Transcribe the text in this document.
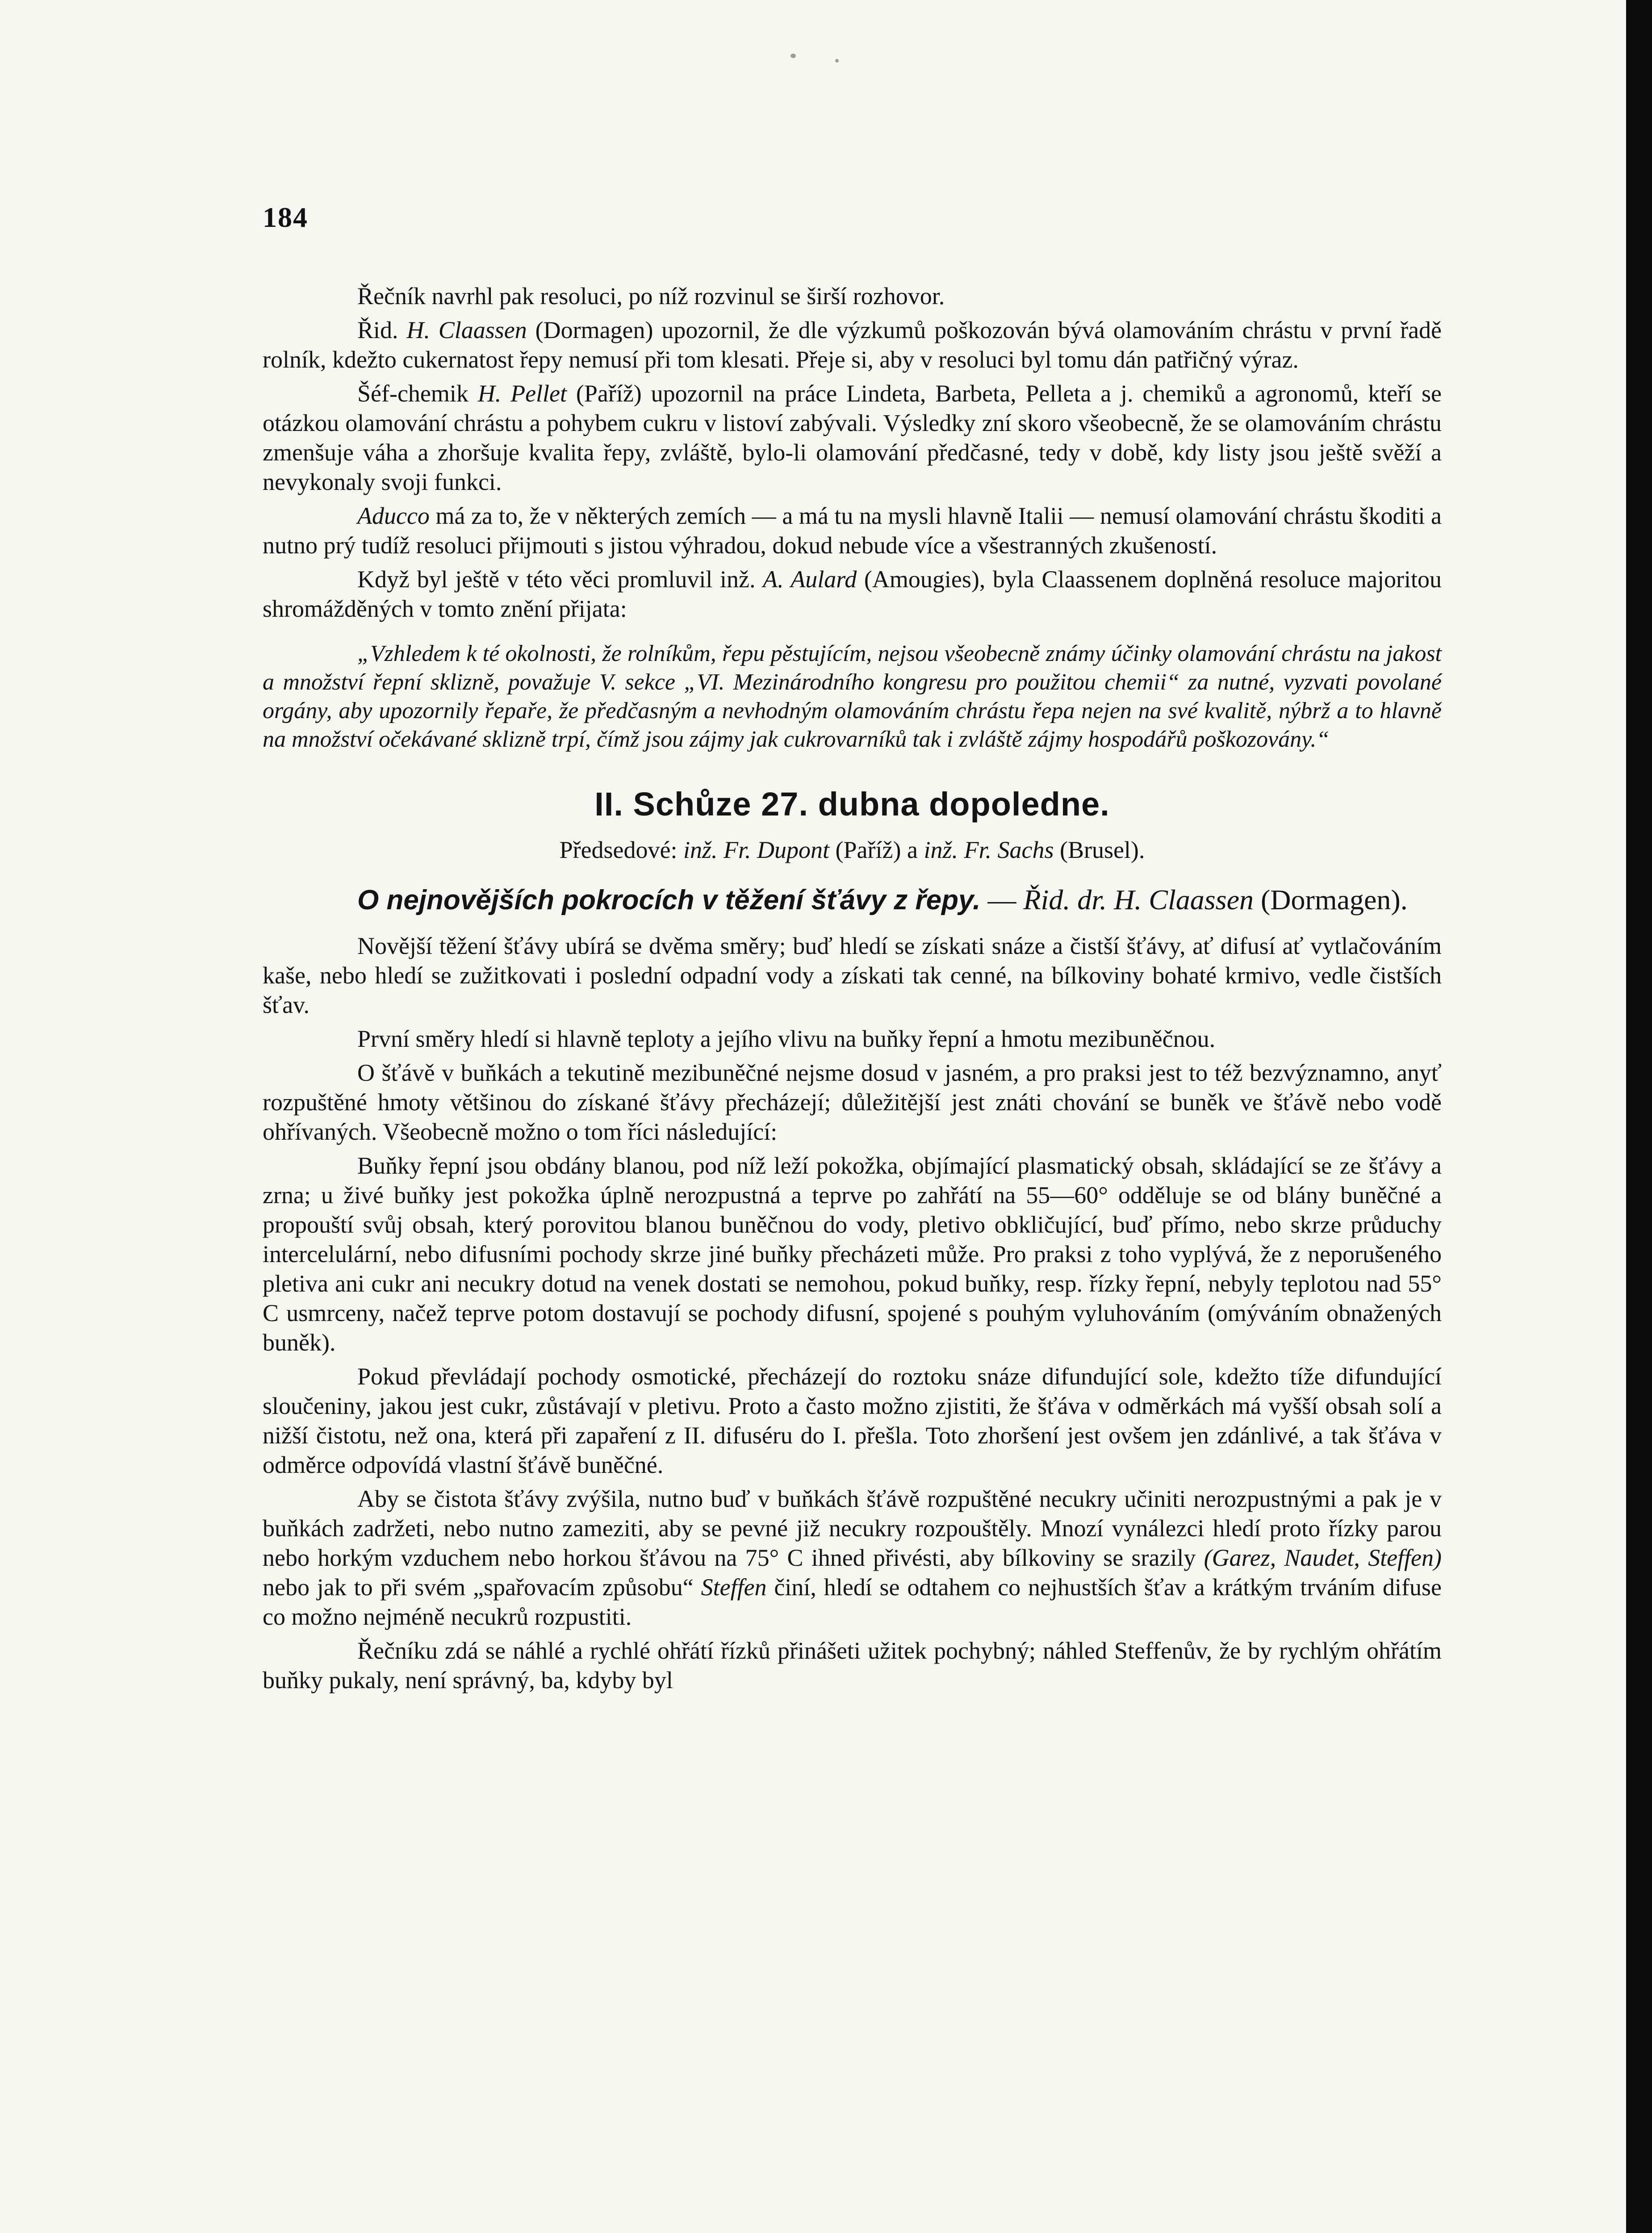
184

Řečník navrhl pak resoluci, po níž rozvinul se širší rozhovor.

Řid. H. Claassen (Dormagen) upozornil, že dle výzkumů poškozován bývá olamováním chrástu v první řadě rolník, kdežto cukernatost řepy nemusí při tom klesati. Přeje si, aby v resoluci byl tomu dán patřičný výraz.

Šéf-chemik H. Pellet (Paříž) upozornil na práce Lindeta, Barbeta, Pelleta a j. chemiků a agronomů, kteří se otázkou olamování chrástu a pohybem cukru v listoví zabývali. Výsledky zní skoro všeobecně, že se olamováním chrástu zmenšuje váha a zhoršuje kvalita řepy, zvláště, bylo-li olamování předčasné, tedy v době, kdy listy jsou ještě svěží a nevykonaly svoji funkci.

Aducco má za to, že v některých zemích — a má tu na mysli hlavně Italii — nemusí olamování chrástu škoditi a nutno prý tudíž resoluci přijmouti s jistou výhradou, dokud nebude více a všestranných zkušeností.

Když byl ještě v této věci promluvil inž. A. Aulard (Amougies), byla Claassenem doplněná resoluce majoritou shromážděných v tomto znění přijata:

„Vzhledem k té okolnosti, že rolníkům, řepu pěstujícím, nejsou všeobecně známy účinky olamování chrástu na jakost a množství řepní sklizně, považuje V. sekce „VI. Mezinárodního kongresu pro použitou chemii“ za nutné, vyzvati povolané orgány, aby upozornily řepaře, že předčasným a nevhodným olamováním chrástu řepa nejen na své kvalitě, nýbrž a to hlavně na množství očekávané sklizně trpí, čímž jsou zájmy jak cukrovarníků tak i zvláště zájmy hospodářů poškozovány.“

II. Schůze 27. dubna dopoledne.

Předsedové: inž. Fr. Dupont (Paříž) a inž. Fr. Sachs (Brusel).

O nejnovějších pokrocích v těžení šťávy z řepy. — Řid. dr. H. Claassen (Dormagen).

Novější těžení šťávy ubírá se dvěma směry; buď hledí se získati snáze a čistší šťávy, ať difusí ať vytlačováním kaše, nebo hledí se zužitkovati i poslední odpadní vody a získati tak cenné, na bílkoviny bohaté krmivo, vedle čistších šťav.

První směry hledí si hlavně teploty a jejího vlivu na buňky řepní a hmotu mezibuněčnou.

O šťávě v buňkách a tekutině mezibuněčné nejsme dosud v jasném, a pro praksi jest to též bezvýznamno, anyť rozpuštěné hmoty většinou do získané šťávy přecházejí; důležitější jest znáti chování se buněk ve šťávě nebo vodě ohřívaných. Všeobecně možno o tom říci následující:

Buňky řepní jsou obdány blanou, pod níž leží pokožka, objímající plasmatický obsah, skládající se ze šťávy a zrna; u živé buňky jest pokožka úplně nerozpustná a teprve po zahřátí na 55—60° odděluje se od blány buněčné a propouští svůj obsah, který porovitou blanou buněčnou do vody, pletivo obkličující, buď přímo, nebo skrze průduchy intercelulární, nebo difusními pochody skrze jiné buňky přecházeti může. Pro praksi z toho vyplývá, že z neporušeného pletiva ani cukr ani necukry dotud na venek dostati se nemohou, pokud buňky, resp. řízky řepní, nebyly teplotou nad 55° C usmrceny, načež teprve potom dostavují se pochody difusní, spojené s pouhým vyluhováním (omýváním obnažených buněk).

Pokud převládají pochody osmotické, přecházejí do roztoku snáze difundující sole, kdežto tíže difundující sloučeniny, jakou jest cukr, zůstávají v pletivu. Proto a často možno zjistiti, že šťáva v odměrkách má vyšší obsah solí a nižší čistotu, než ona, která při zapaření z II. difuséru do I. přešla. Toto zhoršení jest ovšem jen zdánlivé, a tak šťáva v odměrce odpovídá vlastní šťávě buněčné.

Aby se čistota šťávy zvýšila, nutno buď v buňkách šťávě rozpuštěné necukry učiniti nerozpustnými a pak je v buňkách zadržeti, nebo nutno zameziti, aby se pevné již necukry rozpouštěly. Mnozí vynálezci hledí proto řízky parou nebo horkým vzduchem nebo horkou šťávou na 75° C ihned přivésti, aby bílkoviny se srazily (Garez, Naudet, Steffen) nebo jak to při svém „spařovacím způsobu“ Steffen činí, hledí se odtahem co nejhustších šťav a krátkým trváním difuse co možno nejméně necukrů rozpustiti.

Řečníku zdá se náhlé a rychlé ohřátí řízků přinášeti užitek pochybný; náhled Steffenův, že by rychlým ohřátím buňky pukaly, není správný, ba, kdyby byl
